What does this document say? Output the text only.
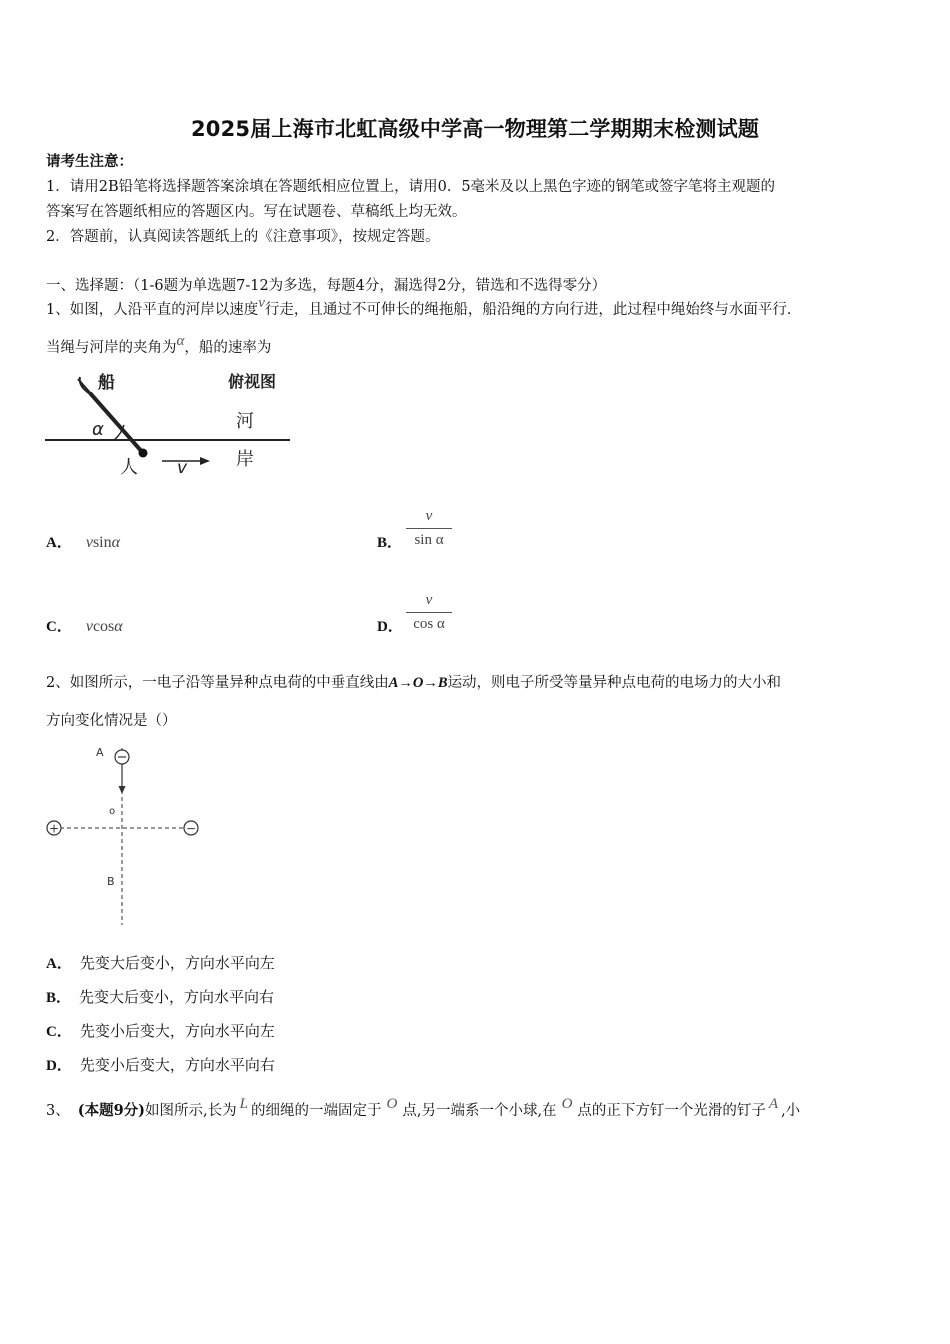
2025届上海市北虹高级中学高一物理第二学期期末检测试题
请考生注意：
1．请用2B铅笔将选择题答案涂填在答题纸相应位置上，请用0．5毫米及以上黑色字迹的钢笔或签字笔将主观题的
答案写在答题纸相应的答题区内。写在试题卷、草稿纸上均无效。
2．答题前，认真阅读答题纸上的《注意事项》，按规定答题。
一、选择题：（1-6题为单选题7-12为多选，每题4分，漏选得2分，错选和不选得零分）
1、如图，人沿平直的河岸以速度v行走，且通过不可伸长的绳拖船，船沿绳的方向行进，此过程中绳始终与水面平行．
当绳与河岸的夹角为α，船的速率为
船
α
人 v
俯视图
河
岸
A． vsinα	B．
v
sin α
C． vcosα	D．
v
cos α
2、如图所示，一电子沿等量异种点电荷的中垂直线由A→O→B运动，则电子所受等量异种点电荷的电场力的大小和
方向变化情况是（）
+	−
A
o
B
A． 先变大后变小，方向水平向左
B． 先变大后变小，方向水平向右
C． 先变小后变大，方向水平向左
D． 先变小后变大，方向水平向右
3、 (本题9分)如图所示,长为 L 的细绳的一端固定于 O 点,另一端系一个小球,在 O 点的正下方钉一个光滑的钉子 A ,小
